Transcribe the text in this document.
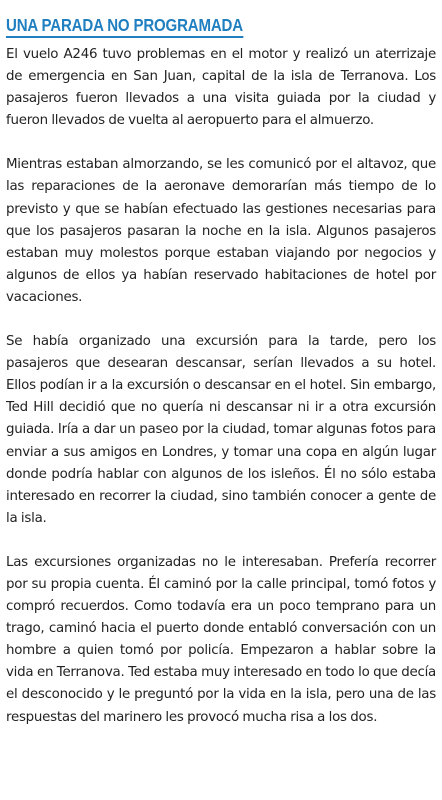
UNA PARADA NO PROGRAMADA

El vuelo A246 tuvo problemas en el motor y realizó un aterrizaje de emergencia en San Juan, capital de la isla de Terranova. Los pasajeros fueron llevados a una visita guiada por la ciudad y fueron llevados de vuelta al aeropuerto para el almuerzo.

Mientras estaban almorzando, se les comunicó por el altavoz, que las reparaciones de la aeronave demorarían más tiempo de lo previsto y que se habían efectuado las gestiones necesarias para que los pasajeros pasaran la noche en la isla. Algunos pasajeros estaban muy molestos porque estaban viajando por negocios y algunos de ellos ya habían reservado habitaciones de hotel por vacaciones.

Se había organizado una excursión para la tarde, pero los pasajeros que desearan descansar, serían llevados a su hotel. Ellos podían ir a la excursión o descansar en el hotel. Sin embargo, Ted Hill decidió que no quería ni descansar ni ir a otra excursión guiada. Iría a dar un paseo por la ciudad, tomar algunas fotos para enviar a sus amigos en Londres, y tomar una copa en algún lugar donde podría hablar con algunos de los isleños. Él no sólo estaba interesado en recorrer la ciudad, sino también conocer a gente de la isla.

Las excursiones organizadas no le interesaban. Prefería recorrer por su propia cuenta. Él caminó por la calle principal, tomó fotos y compró recuerdos. Como todavía era un poco temprano para un trago, caminó hacia el puerto donde entabló conversación con un hombre a quien tomó por policía. Empezaron a hablar sobre la vida en Terranova. Ted estaba muy interesado en todo lo que decía el desconocido y le preguntó por la vida en la isla, pero una de las respuestas del marinero les provocó mucha risa a los dos.
